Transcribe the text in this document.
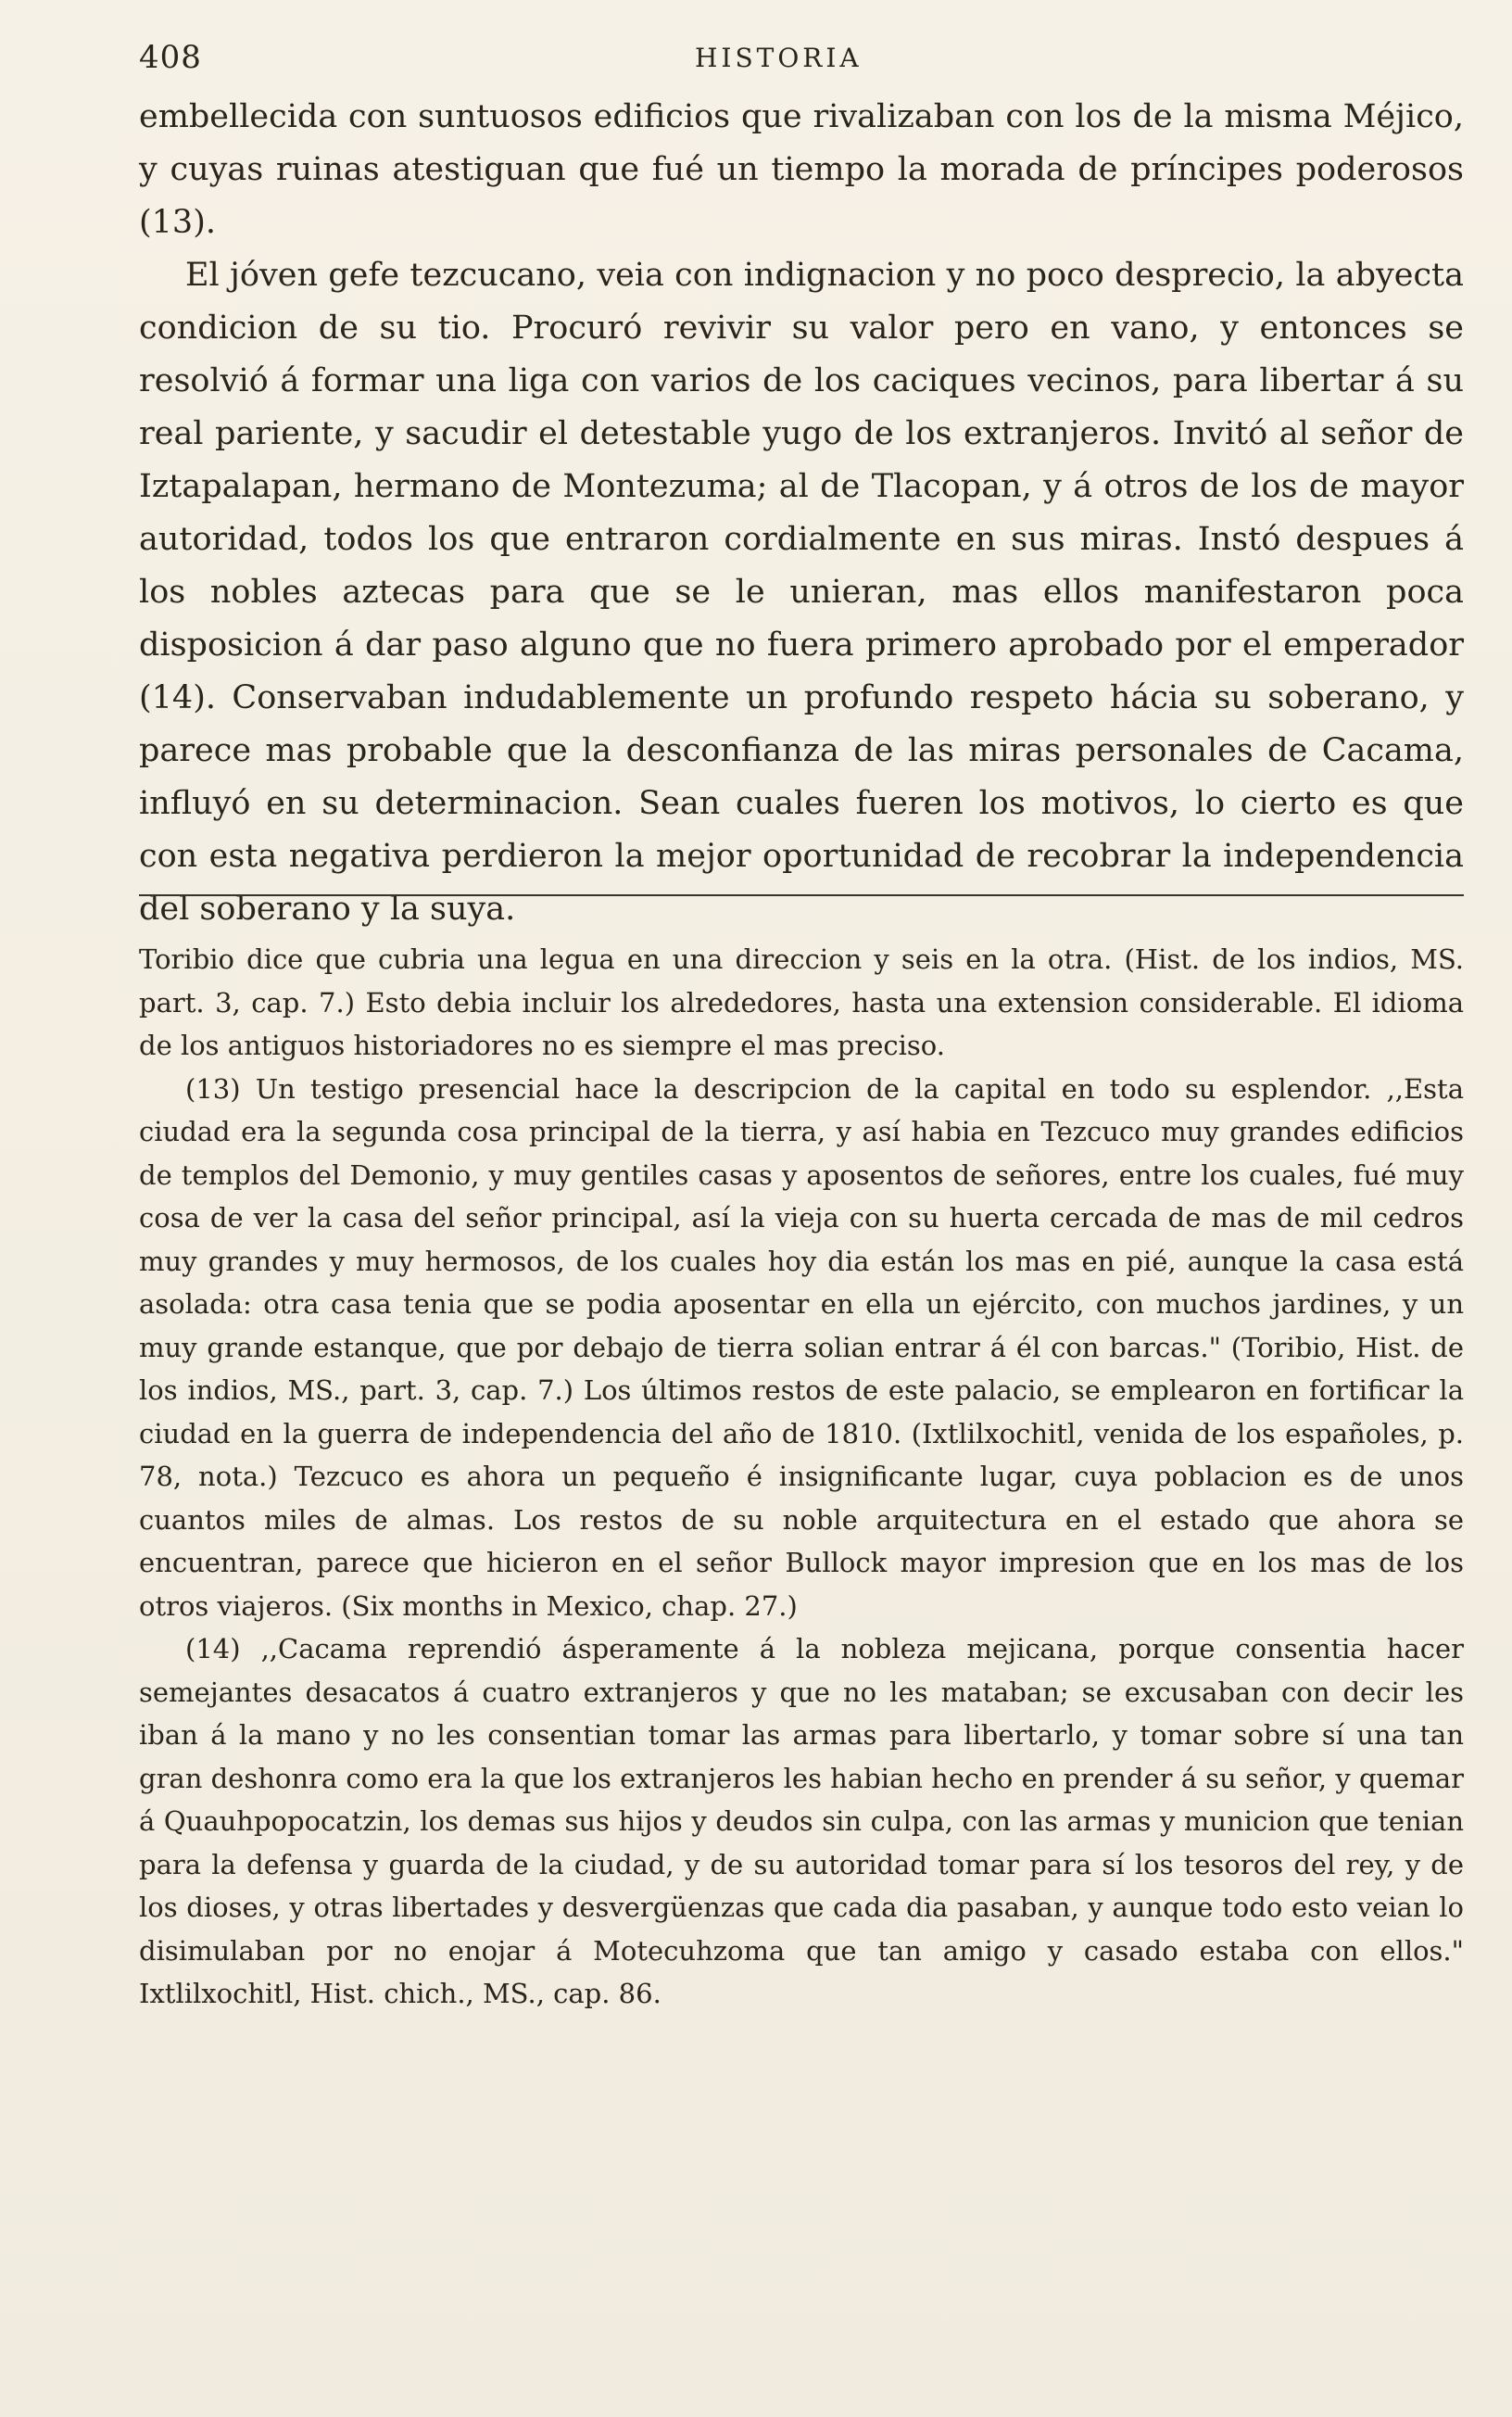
408	HISTORIA

embellecida con suntuosos edificios que rivalizaban con los de la misma Méjico, y cuyas ruinas atestiguan que fué un tiempo la morada de príncipes poderosos (13).

El jóven gefe tezcucano, veia con indignacion y no poco desprecio, la abyecta condicion de su tio. Procuró revivir su valor pero en vano, y entonces se resolvió á formar una liga con varios de los caciques vecinos, para libertar á su real pariente, y sacudir el detestable yugo de los extranjeros. Invitó al señor de Iztapalapan, hermano de Montezuma; al de Tlacopan, y á otros de los de mayor autoridad, todos los que entraron cordialmente en sus miras. Instó despues á los nobles aztecas para que se le unieran, mas ellos manifestaron poca disposicion á dar paso alguno que no fuera primero aprobado por el emperador (14). Conservaban indudablemente un profundo respeto hácia su soberano, y parece mas probable que la desconfianza de las miras personales de Cacama, influyó en su determinacion. Sean cuales fueren los motivos, lo cierto es que con esta negativa perdieron la mejor oportunidad de recobrar la independencia del soberano y la suya.

Toribio dice que cubria una legua en una direccion y seis en la otra. (Hist. de los indios, MS. part. 3, cap. 7.) Esto debia incluir los alrededores, hasta una extension considerable. El idioma de los antiguos historiadores no es siempre el mas preciso.

(13) Un testigo presencial hace la descripcion de la capital en todo su esplendor. ,,Esta ciudad era la segunda cosa principal de la tierra, y así habia en Tezcuco muy grandes edificios de templos del Demonio, y muy gentiles casas y aposentos de señores, entre los cuales, fué muy cosa de ver la casa del señor principal, así la vieja con su huerta cercada de mas de mil cedros muy grandes y muy hermosos, de los cuales hoy dia están los mas en pié, aunque la casa está asolada: otra casa tenia que se podia aposentar en ella un ejército, con muchos jardines, y un muy grande estanque, que por debajo de tierra solian entrar á él con barcas." (Toribio, Hist. de los indios, MS., part. 3, cap. 7.) Los últimos restos de este palacio, se emplearon en fortificar la ciudad en la guerra de independencia del año de 1810. (Ixtlilxochitl, venida de los españoles, p. 78, nota.) Tezcuco es ahora un pequeño é insignificante lugar, cuya poblacion es de unos cuantos miles de almas. Los restos de su noble arquitectura en el estado que ahora se encuentran, parece que hicieron en el señor Bullock mayor impresion que en los mas de los otros viajeros. (Six months in Mexico, chap. 27.)

(14) ,,Cacama reprendió ásperamente á la nobleza mejicana, porque consentia hacer semejantes desacatos á cuatro extranjeros y que no les mataban; se excusaban con decir les iban á la mano y no les consentian tomar las armas para libertarlo, y tomar sobre sí una tan gran deshonra como era la que los extranjeros les habian hecho en prender á su señor, y quemar á Quauhpopocatzin, los demas sus hijos y deudos sin culpa, con las armas y municion que tenian para la defensa y guarda de la ciudad, y de su autoridad tomar para sí los tesoros del rey, y de los dioses, y otras libertades y desvergüenzas que cada dia pasaban, y aunque todo esto veian lo disimulaban por no enojar á Motecuhzoma que tan amigo y casado estaba con ellos." Ixtlilxochitl, Hist. chich., MS., cap. 86.
